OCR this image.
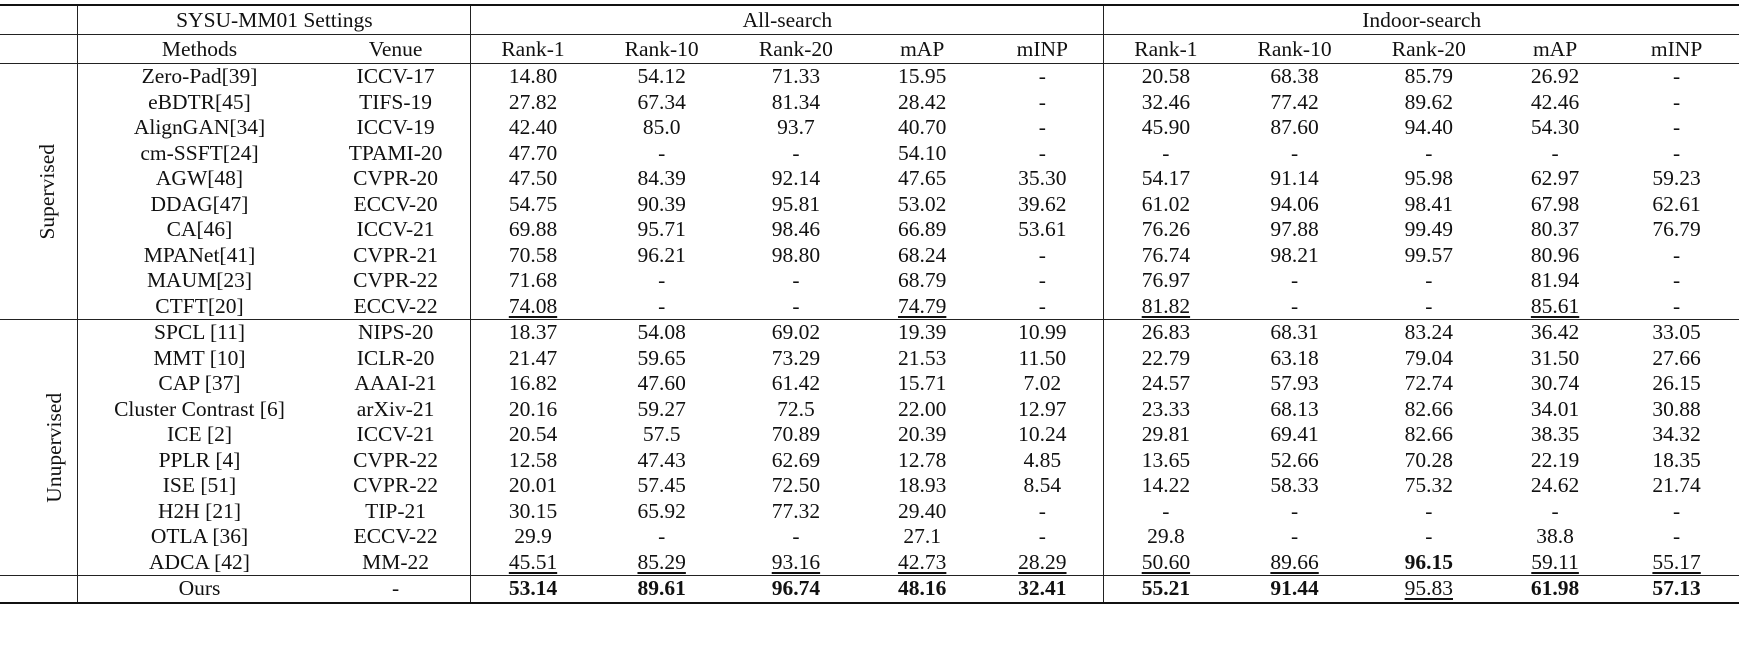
	SYSU-MM01 Settings		All-search					Indoor-search				
	Methods	Venue	Rank-1	Rank-10	Rank-20	mAP	mINP	Rank-1	Rank-10	Rank-20	mAP	mINP
Supervised	Zero-Pad[39]	ICCV-17	14.80	54.12	71.33	15.95	-	20.58	68.38	85.79	26.92	-
	eBDTR[45]	TIFS-19	27.82	67.34	81.34	28.42	-	32.46	77.42	89.62	42.46	-
	AlignGAN[34]	ICCV-19	42.40	85.0	93.7	40.70	-	45.90	87.60	94.40	54.30	-
	cm-SSFT[24]	TPAMI-20	47.70	-	-	54.10	-	-	-	-	-	-
	AGW[48]	CVPR-20	47.50	84.39	92.14	47.65	35.30	54.17	91.14	95.98	62.97	59.23
	DDAG[47]	ECCV-20	54.75	90.39	95.81	53.02	39.62	61.02	94.06	98.41	67.98	62.61
	CA[46]	ICCV-21	69.88	95.71	98.46	66.89	53.61	76.26	97.88	99.49	80.37	76.79
	MPANet[41]	CVPR-21	70.58	96.21	98.80	68.24	-	76.74	98.21	99.57	80.96	-
	MAUM[23]	CVPR-22	71.68	-	-	68.79	-	76.97	-	-	81.94	-
	CTFT[20]	ECCV-22	74.08	-	-	74.79	-	81.82	-	-	85.61	-
Unupervised	SPCL [11]	NIPS-20	18.37	54.08	69.02	19.39	10.99	26.83	68.31	83.24	36.42	33.05
	MMT [10]	ICLR-20	21.47	59.65	73.29	21.53	11.50	22.79	63.18	79.04	31.50	27.66
	CAP [37]	AAAI-21	16.82	47.60	61.42	15.71	7.02	24.57	57.93	72.74	30.74	26.15
	Cluster Contrast [6]	arXiv-21	20.16	59.27	72.5	22.00	12.97	23.33	68.13	82.66	34.01	30.88
	ICE [2]	ICCV-21	20.54	57.5	70.89	20.39	10.24	29.81	69.41	82.66	38.35	34.32
	PPLR [4]	CVPR-22	12.58	47.43	62.69	12.78	4.85	13.65	52.66	70.28	22.19	18.35
	ISE [51]	CVPR-22	20.01	57.45	72.50	18.93	8.54	14.22	58.33	75.32	24.62	21.74
	H2H [21]	TIP-21	30.15	65.92	77.32	29.40	-	-	-	-	-	-
	OTLA [36]	ECCV-22	29.9	-	-	27.1	-	29.8	-	-	38.8	-
	ADCA [42]	MM-22	45.51	85.29	93.16	42.73	28.29	50.60	89.66	96.15	59.11	55.17
	Ours	-	53.14	89.61	96.74	48.16	32.41	55.21	91.44	95.83	61.98	57.13
